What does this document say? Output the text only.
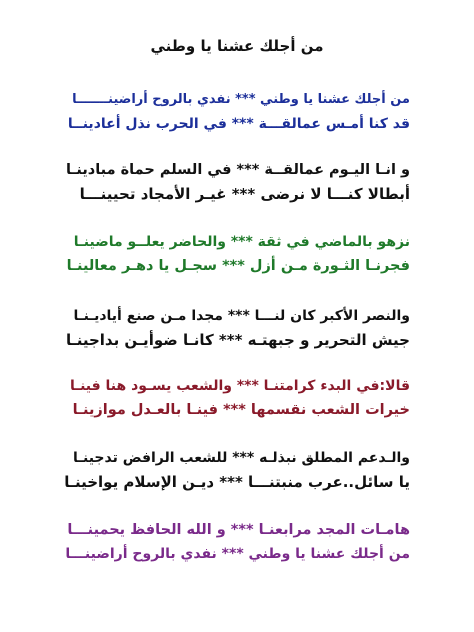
من أجلك عشنا يا وطني
من أجلك عشنا يا وطني *** نفدي بالروح أراضينـــــــا
قد كنا أمـس عمالقـــة *** في الحرب نذل أعادينــا
و انـا اليـوم عمالقــة *** في السلم حماة مبادينـا
أبطالا كنـــا لا نرضى *** غيـر الأمجاد تحيينـــا
نزهو بالماضي في ثقة *** والحاضر يعلــو ماضينـا
فجرنـا الثـورة مـن أزل *** سجـل يا دهـر معالينـا
والنصر الأكبر كان لنـــا *** مجدا مـن صنع أياديـنـا
جيش التحرير و جبهتـه *** كانـا ضوأيـن بداجينـا
قالا:في البدء كرامتنـا *** والشعب يسـود هنا فينـا
خيرات الشعب نقسمها *** فينـا بالعـدل موازينـا
والـدعم المطلق نبذلـه *** للشعب الرافض تدجينـا
يا سائل..عرب منبتنـــا *** ديـن الإسلام يواخينـا
هامـات المجد مرابعنـا *** و الله الحافظ يحمينـــا
من أجلك عشنا يا وطني *** نفدي بالروح أراضينـــا
